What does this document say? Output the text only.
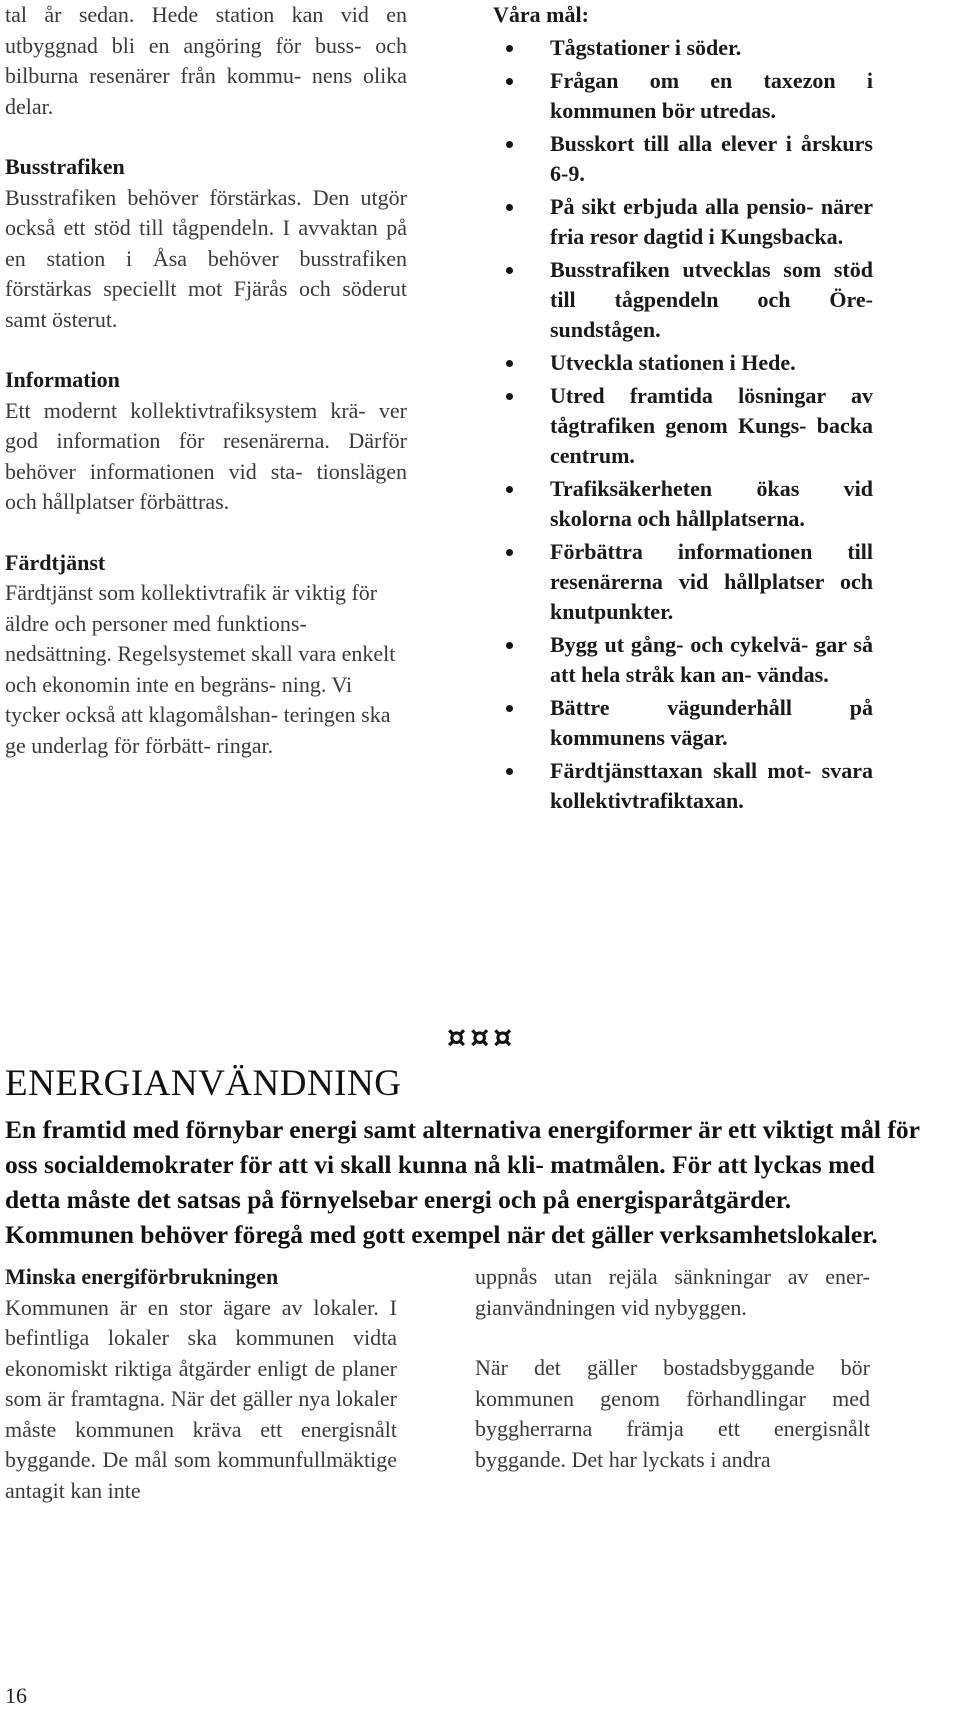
tal år sedan. Hede station kan vid en utbyggnad bli en angöring för buss- och bilburna resenärer från kommu- nens olika delar.

Busstrafiken

Busstrafiken behöver förstärkas. Den utgör också ett stöd till tågpendeln. I avvaktan på en station i Åsa behöver busstrafiken förstärkas speciellt mot Fjärås och söderut samt österut.

Information

Ett modernt kollektivtrafiksystem krä- ver god information för resenärerna. Därför behöver informationen vid sta- tionslägen och hållplatser förbättras.

Färdtjänst

Färdtjänst som kollektivtrafik är viktig för äldre och personer med funktions- nedsättning. Regelsystemet skall vara enkelt och ekonomin inte en begräns- ning. Vi tycker också att klagomålshan- teringen ska ge underlag för förbätt- ringar.

Våra mål:

Tågstationer i söder.
Frågan om en taxezon i kommunen bör utredas.
Busskort till alla elever i årskurs 6-9.
På sikt erbjuda alla pensio- närer fria resor dagtid i Kungsbacka.
Busstrafiken utvecklas som stöd till tågpendeln och Öre- sundstågen.
Utveckla stationen i Hede.
Utred framtida lösningar av tågtrafiken genom Kungs- backa centrum.
Trafiksäkerheten ökas vid skolorna och hållplatserna.
Förbättra informationen till resenärerna vid hållplatser och knutpunkter.
Bygg ut gång- och cykelvä- gar så att hela stråk kan an- vändas.
Bättre vägunderhåll på kommunens vägar.
Färdtjänsttaxan skall mot- svara kollektivtrafiktaxan.
¤¤¤
ENERGIANVÄNDNING

En framtid med förnybar energi samt alternativa energiformer är ett viktigt mål för oss socialdemokrater för att vi skall kunna nå kli- matmålen. För att lyckas med detta måste det satsas på förnyelsebar energi och på energisparåtgärder. Kommunen behöver föregå med gott exempel när det gäller verksamhetslokaler.

Minska energiförbrukningen

Kommunen är en stor ägare av lokaler. I befintliga lokaler ska kommunen vidta ekonomiskt riktiga åtgärder enligt de planer som är framtagna. När det gäller nya lokaler måste kommunen kräva ett energisnålt byggande. De mål som kommunfullmäktige antagit kan inte

uppnås utan rejäla sänkningar av ener- gianvändningen vid nybyggen.

När det gäller bostadsbyggande bör kommunen genom förhandlingar med byggherrarna främja ett energisnålt byggande. Det har lyckats i andra

16
